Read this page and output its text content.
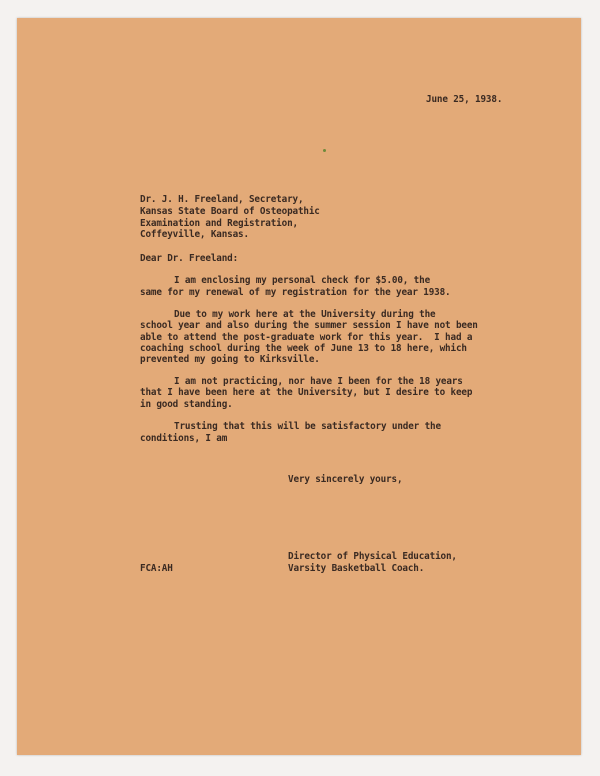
June 25, 1938.
Dr. J. H. Freeland, Secretary,
Kansas State Board of Osteopathic
Examination and Registration,
Coffeyville, Kansas.
Dear Dr. Freeland:
I am enclosing my personal check for $5.00, the
same for my renewal of my registration for the year 1938.
Due to my work here at the University during the
school year and also during the summer session I have not been
able to attend the post-graduate work for this year.  I had a
coaching school during the week of June 13 to 18 here, which
prevented my going to Kirksville.
I am not practicing, nor have I been for the 18 years
that I have been here at the University, but I desire to keep
in good standing.
Trusting that this will be satisfactory under the
conditions, I am
Very sincerely yours,
Director of Physical Education,
FCA:AH	Varsity Basketball Coach.
